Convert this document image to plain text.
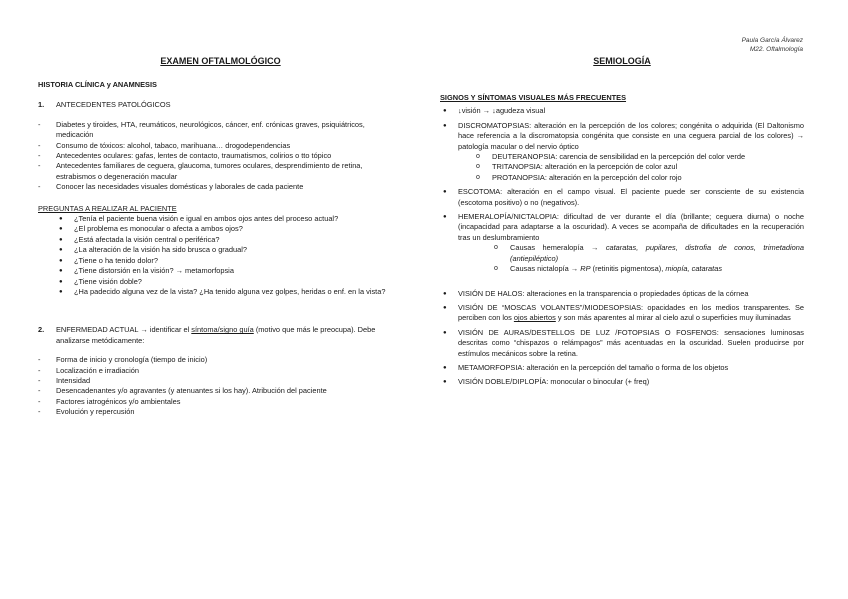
Paula García Álvarez
M22. Oftalmología
EXAMEN OFTALMOLÓGICO
HISTORIA CLÍNICA y ANAMNESIS
1.	ANTECEDENTES PATOLÓGICOS
- Diabetes y tiroides, HTA, reumáticos, neurológicos, cáncer, enf. crónicas graves, psiquiátricos, medicación
- Consumo de tóxicos: alcohol, tabaco, marihuana… drogodependencias
- Antecedentes oculares: gafas, lentes de contacto, traumatismos, colirios o tto tópico
- Antecedentes familiares de ceguera, glaucoma, tumores oculares, desprendimiento de retina, estrabismos o degeneración macular
- Conocer las necesidades visuales domésticas y laborales de cada paciente
PREGUNTAS A REALIZAR AL PACIENTE
● ¿Tenía el paciente buena visión e igual en ambos ojos antes del proceso actual?
● ¿El problema es monocular o afecta a ambos ojos?
● ¿Está afectada la visión central o periférica?
● ¿La alteración de la visión ha sido brusca o gradual?
● ¿Tiene o ha tenido dolor?
● ¿Tiene distorsión en la visión? → metamorfopsia
● ¿Tiene visión doble?
● ¿Ha padecido alguna vez de la vista? ¿Ha tenido alguna vez golpes, heridas o enf. en la vista?
2.	ENFERMEDAD ACTUAL → identificar el síntoma/signo guía (motivo que más le preocupa). Debe analizarse metódicamente:
- Forma de inicio y cronología (tiempo de inicio)
- Localización e irradiación
- Intensidad
- Desencadenantes y/o agravantes (y atenuantes si los hay). Atribución del paciente
- Factores iatrogénicos y/o ambientales
- Evolución y repercusión
SEMIOLOGÍA
SIGNOS Y SÍNTOMAS VISUALES MÁS FRECUENTES
● ↓visión → ↓agudeza visual
● DISCROMATOPSIAS: alteración en la percepción de los colores; congénita o adquirida (El Daltonismo hace referencia a la discromatopsia congénita que consiste en una ceguera parcial de los colores) → patología macular o del nervio óptico
o DEUTERANOPSIA: carencia de sensibilidad en la percepción del color verde
o TRITANOPSIA: alteración en la percepción de color azul
o PROTANOPSIA: alteración en la percepción del color rojo
● ESCOTOMA: alteración en el campo visual. El paciente puede ser consciente de su existencia (escotoma positivo) o no (negativos).
● HEMERALOPÍA/NICTALOPIA: dificultad de ver durante el día (brillante; ceguera diurna) o noche (incapacidad para adaptarse a la oscuridad). A veces se acompaña de dificultades en la recuperación tras un deslumbramiento
o Causas hemeralopía → cataratas, pupilares, distrofia de conos, trimetadiona (antiepiléptico)
o Causas nictalopía → RP (retinitis pigmentosa), miopía, cataratas
● VISIÓN DE HALOS: alteraciones en la transparencia o propiedades ópticas de la córnea
● VISIÓN DE “MOSCAS VOLANTES”/MIODESOPSIAS: opacidades en los medios transparentes. Se perciben con los ojos abiertos y son más aparentes al mirar al cielo azul o superficies muy iluminadas
● VISIÓN DE AURAS/DESTELLOS DE LUZ /FOTOPSIAS O FOSFENOS: sensaciones luminosas descritas como “chispazos o relámpagos” más acentuadas en la oscuridad. Suelen producirse por estímulos mecánicos sobre la retina.
● METAMORFOPSIA: alteración en la percepción del tamaño o forma de los objetos
● VISIÓN DOBLE/DIPLOPÍA: monocular o binocular (+ freq)
